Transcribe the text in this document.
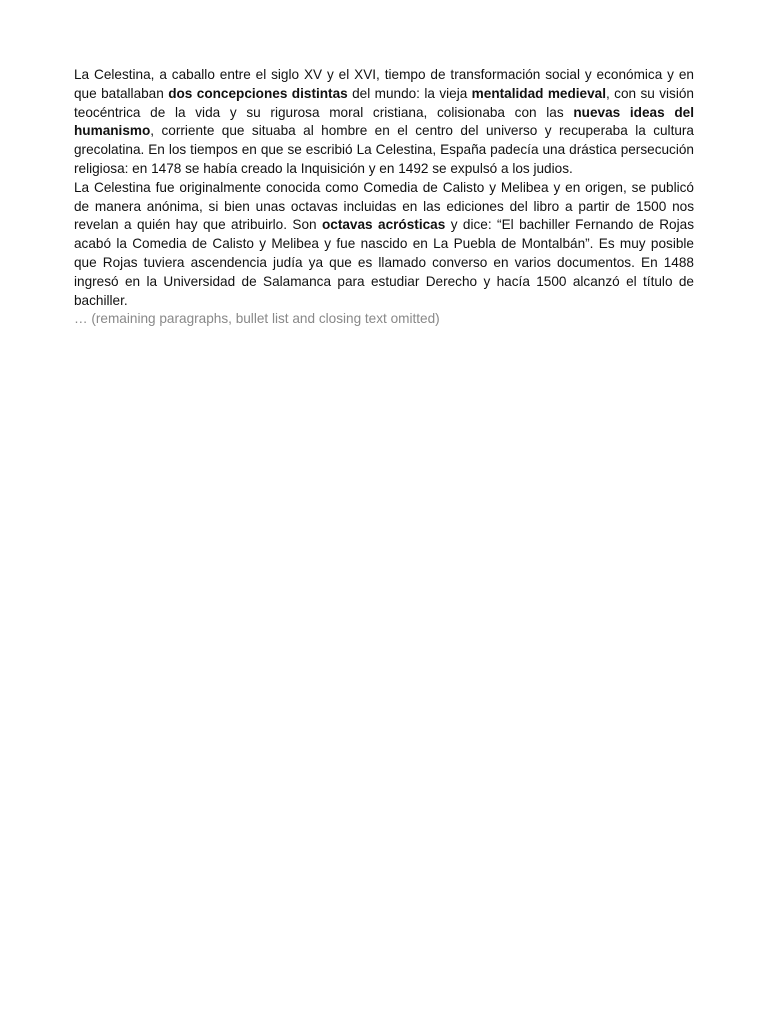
La Celestina, a caballo entre el siglo XV y el XVI, tiempo de transformación social y económica y en que batallaban dos concepciones distintas del mundo: la vieja mentalidad medieval, con su visión teocéntrica de la vida y su rigurosa moral cristiana, colisionaba con las nuevas ideas del humanismo, corriente que situaba al hombre en el centro del universo y recuperaba la cultura grecolatina. En los tiempos en que se escribió La Celestina, España padecía una drástica persecución religiosa: en 1478 se había creado la Inquisición y en 1492 se expulsó a los judios.

La Celestina fue originalmente conocida como Comedia de Calisto y Melibea y en origen, se publicó de manera anónima, si bien unas octavas incluidas en las ediciones del libro a partir de 1500 nos revelan a quién hay que atribuirlo. Son octavas acrósticas y dice: “El bachiller Fernando de Rojas acabó la Comedia de Calisto y Melibea y fue nascido en La Puebla de Montalbán”. Es muy posible que Rojas tuviera ascendencia judía ya que es llamado converso en varios documentos. En 1488 ingresó en la Universidad de Salamanca para estudiar Derecho y hacía 1500 alcanzó el título de bachiller.

… (remaining paragraphs, bullet list and closing text omitted)
